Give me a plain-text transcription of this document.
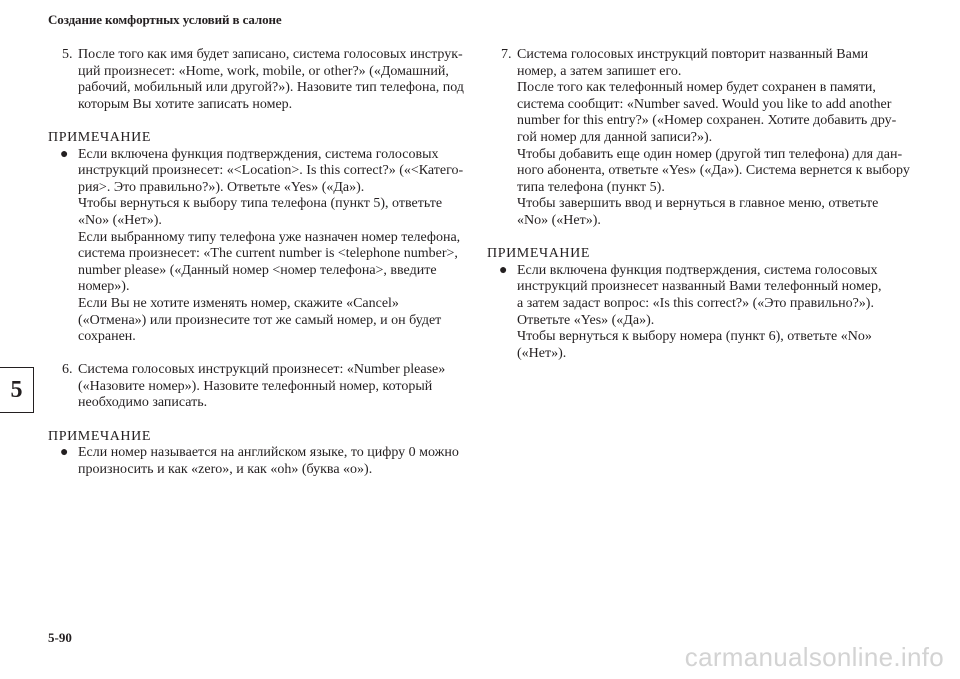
Создание комфортных условий в салоне
5. После того как имя будет записано, система голосовых инструк-
ций произнесет: «Home, work, mobile, or other?» («Домашний,
рабочий, мобильный или другой?»). Назовите тип телефона, под
которым Вы хотите записать номер.
ПРИМЕЧАНИЕ
● Если включена функция подтверждения, система голосовых
инструкций произнесет: «<Location>. Is this correct?» («<Катего-
рия>. Это правильно?»). Ответьте «Yes» («Да»).
Чтобы вернуться к выбору типа телефона (пункт 5), ответьте
«No» («Нет»).
Если выбранному типу телефона уже назначен номер телефона,
система произнесет: «The current number is <telephone number>,
number please» («Данный номер <номер телефона>, введите
номер»).
Если Вы не хотите изменять номер, скажите «Cancel»
(«Отмена») или произнесите тот же самый номер, и он будет
сохранен.
6. Система голосовых инструкций произнесет: «Number please»
(«Назовите номер»). Назовите телефонный номер, который
необходимо записать.
ПРИМЕЧАНИЕ
● Если номер называется на английском языке, то цифру 0 можно
произносить и как «zero», и как «oh» (буква «o»).
7. Система голосовых инструкций повторит названный Вами
номер, а затем запишет его.
После того как телефонный номер будет сохранен в памяти,
система сообщит: «Number saved. Would you like to add another
number for this entry?» («Номер сохранен. Хотите добавить дру-
гой номер для данной записи?»).
Чтобы добавить еще один номер (другой тип телефона) для дан-
ного абонента, ответьте «Yes» («Да»). Система вернется к выбору
типа телефона (пункт 5).
Чтобы завершить ввод и вернуться в главное меню, ответьте
«No» («Нет»).
ПРИМЕЧАНИЕ
● Если включена функция подтверждения, система голосовых
инструкций произнесет названный Вами телефонный номер,
а затем задаст вопрос: «Is this correct?» («Это правильно?»).
Ответьте «Yes» («Да»).
Чтобы вернуться к выбору номера (пункт 6), ответьте «No»
(«Нет»).
5
5-90
carmanualsonline.info
